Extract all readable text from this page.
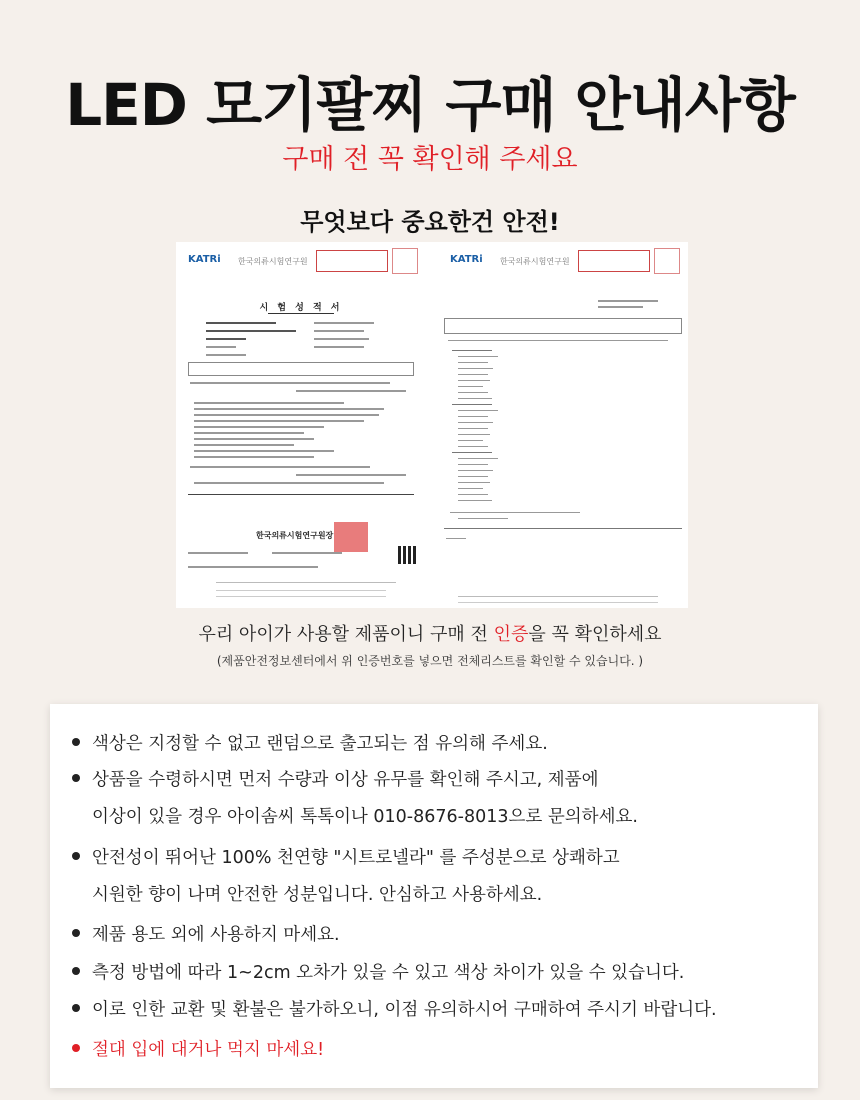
LED 모기팔찌 구매 안내사항
구매 전 꼭 확인해 주세요
무엇보다 중요한건 안전!
KATRi 한국의류시험연구원
시 험 성 적 서
한국의류시험연구원장
KATRi 한국의류시험연구원
우리 아이가 사용할 제품이니 구매 전 인증을 꼭 확인하세요
(제품안전정보센터에서 위 인증번호를 넣으면 전체리스트를 확인할 수 있습니다. )
색상은 지정할 수 없고 랜덤으로 출고되는 점 유의해 주세요.
상품을 수령하시면 먼저 수량과 이상 유무를 확인해 주시고, 제품에
이상이 있을 경우 아이솜씨 톡톡이나 010-8676-8013으로 문의하세요.
안전성이 뛰어난 100% 천연향 "시트로넬라" 를 주성분으로 상쾌하고
시원한 향이 나며 안전한 성분입니다. 안심하고 사용하세요.
제품 용도 외에 사용하지 마세요.
측정 방법에 따라 1~2cm 오차가 있을 수 있고 색상 차이가 있을 수 있습니다.
이로 인한 교환 및 환불은 불가하오니, 이점 유의하시어 구매하여 주시기 바랍니다.
절대 입에 대거나 먹지 마세요!
